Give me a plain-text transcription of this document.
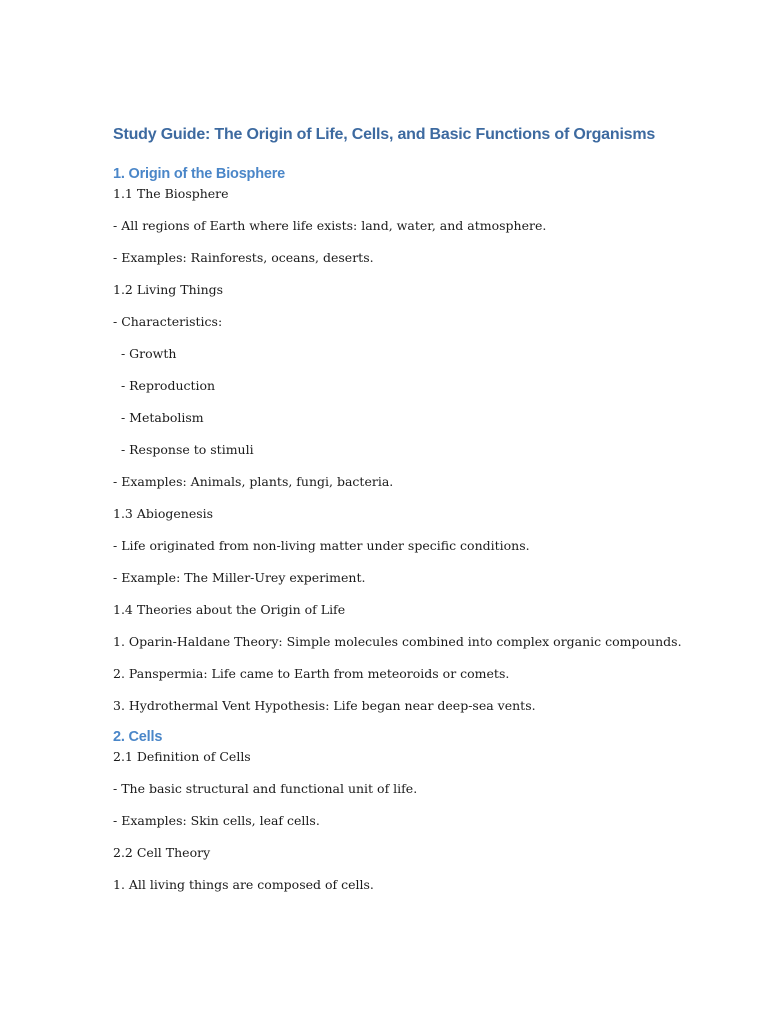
Study Guide: The Origin of Life, Cells, and Basic Functions of Organisms
1. Origin of the Biosphere

1.1 The Biosphere

- All regions of Earth where life exists: land, water, and atmosphere.

- Examples: Rainforests, oceans, deserts.

1.2 Living Things

- Characteristics:

- Growth

- Reproduction

- Metabolism

- Response to stimuli

- Examples: Animals, plants, fungi, bacteria.

1.3 Abiogenesis

- Life originated from non-living matter under specific conditions.

- Example: The Miller-Urey experiment.

1.4 Theories about the Origin of Life

1. Oparin-Haldane Theory: Simple molecules combined into complex organic compounds.

2. Panspermia: Life came to Earth from meteoroids or comets.

3. Hydrothermal Vent Hypothesis: Life began near deep-sea vents.

2. Cells

2.1 Definition of Cells

- The basic structural and functional unit of life.

- Examples: Skin cells, leaf cells.

2.2 Cell Theory

1. All living things are composed of cells.
